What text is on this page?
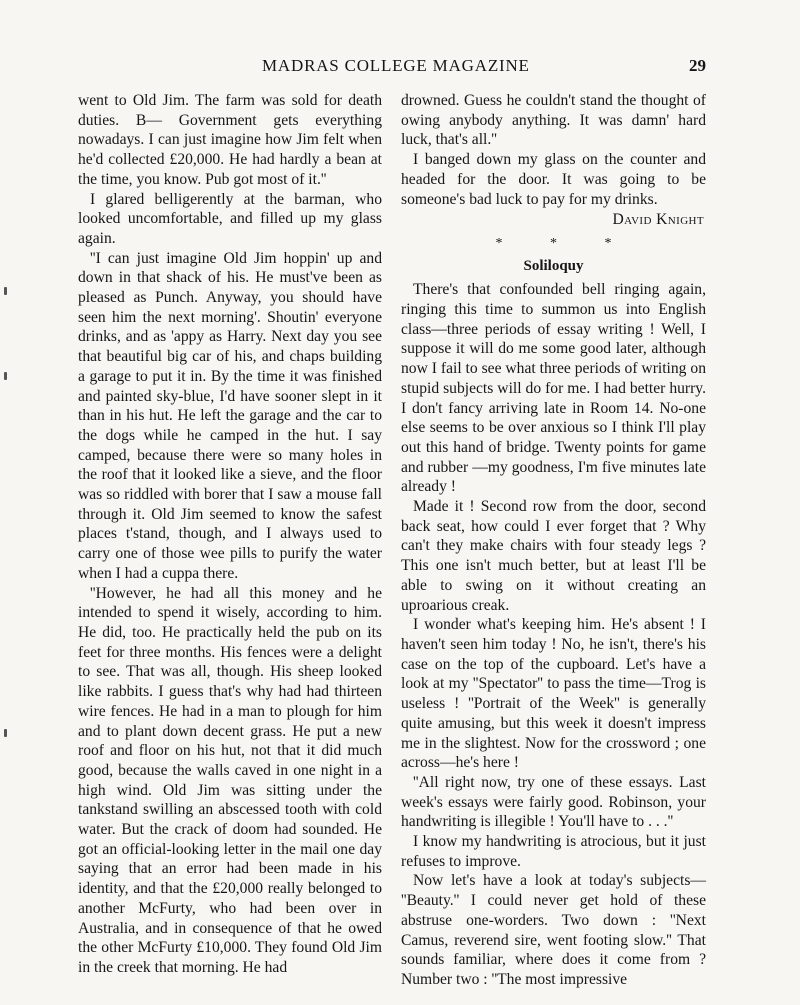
MADRAS COLLEGE MAGAZINE	29

went to Old Jim. The farm was sold for death duties. B— Government gets everything nowadays. I can just imagine how Jim felt when he'd collected £20,000. He had hardly a bean at the time, you know. Pub got most of it.''

I glared belligerently at the barman, who looked uncomfortable, and filled up my glass again.

''I can just imagine Old Jim hoppin' up and down in that shack of his. He must've been as pleased as Punch. Anyway, you should have seen him the next morning'. Shoutin' everyone drinks, and as 'appy as Harry. Next day you see that beautiful big car of his, and chaps building a garage to put it in. By the time it was finished and painted sky-blue, I'd have sooner slept in it than in his hut. He left the garage and the car to the dogs while he camped in the hut. I say camped, because there were so many holes in the roof that it looked like a sieve, and the floor was so riddled with borer that I saw a mouse fall through it. Old Jim seemed to know the safest places t'stand, though, and I always used to carry one of those wee pills to purify the water when I had a cuppa there.

''However, he had all this money and he intended to spend it wisely, according to him. He did, too. He practically held the pub on its feet for three months. His fences were a delight to see. That was all, though. His sheep looked like rabbits. I guess that's why had had thirteen wire fences. He had in a man to plough for him and to plant down decent grass. He put a new roof and floor on his hut, not that it did much good, because the walls caved in one night in a high wind. Old Jim was sitting under the tankstand swilling an abscessed tooth with cold water. But the crack of doom had sounded. He got an official-looking letter in the mail one day saying that an error had been made in his identity, and that the £20,000 really belonged to another McFurty, who had been over in Australia, and in consequence of that he owed the other McFurty £10,000. They found Old Jim in the creek that morning. He had

drowned. Guess he couldn't stand the thought of owing anybody anything. It was damn' hard luck, that's all.''

I banged down my glass on the counter and headed for the door. It was going to be someone's bad luck to pay for my drinks.

David Knight
* * *
Soliloquy

There's that confounded bell ringing again, ringing this time to summon us into English class—three periods of essay writing ! Well, I suppose it will do me some good later, although now I fail to see what three periods of writing on stupid subjects will do for me. I had better hurry. I don't fancy arriving late in Room 14. No-one else seems to be over anxious so I think I'll play out this hand of bridge. Twenty points for game and rubber —my goodness, I'm five minutes late already !

Made it ! Second row from the door, second back seat, how could I ever forget that ? Why can't they make chairs with four steady legs ? This one isn't much better, but at least I'll be able to swing on it without creating an uproarious creak.

I wonder what's keeping him. He's absent ! I haven't seen him today ! No, he isn't, there's his case on the top of the cupboard. Let's have a look at my ''Spectator'' to pass the time—Trog is useless ! ''Portrait of the Week'' is generally quite amusing, but this week it doesn't impress me in the slightest. Now for the crossword ; one across—he's here !

''All right now, try one of these essays. Last week's essays were fairly good. Robinson, your handwriting is illegible ! You'll have to . . .''

I know my handwriting is atrocious, but it just refuses to improve.

Now let's have a look at today's subjects— ''Beauty.'' I could never get hold of these abstruse one-worders. Two down : ''Next Camus, reverend sire, went footing slow.'' That sounds familiar, where does it come from ? Number two : ''The most impressive
